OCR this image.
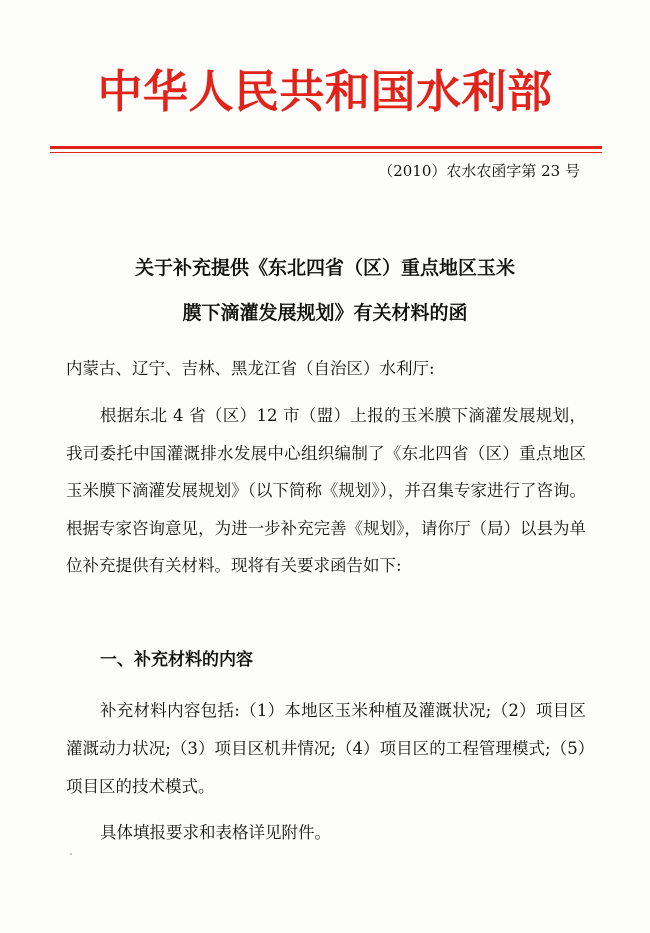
中华人民共和国水利部
（2010）农水农函字第 23 号
关于补充提供《东北四省（区）重点地区玉米
膜下滴灌发展规划》有关材料的函
内蒙古、辽宁、吉林、黑龙江省（自治区）水利厅:

根据东北 4 省（区）12 市（盟）上报的玉米膜下滴灌发展规划，我司委托中国灌溉排水发展中心组织编制了《东北四省（区）重点地区玉米膜下滴灌发展规划》（以下简称《规划》），并召集专家进行了咨询。根据专家咨询意见，为进一步补充完善《规划》，请你厅（局）以县为单位补充提供有关材料。现将有关要求函告如下:

一、补充材料的内容

补充材料内容包括:（1）本地区玉米种植及灌溉状况;（2）项目区灌溉动力状况;（3）项目区机井情况;（4）项目区的工程管理模式;（5）项目区的技术模式。

具体填报要求和表格详见附件。
